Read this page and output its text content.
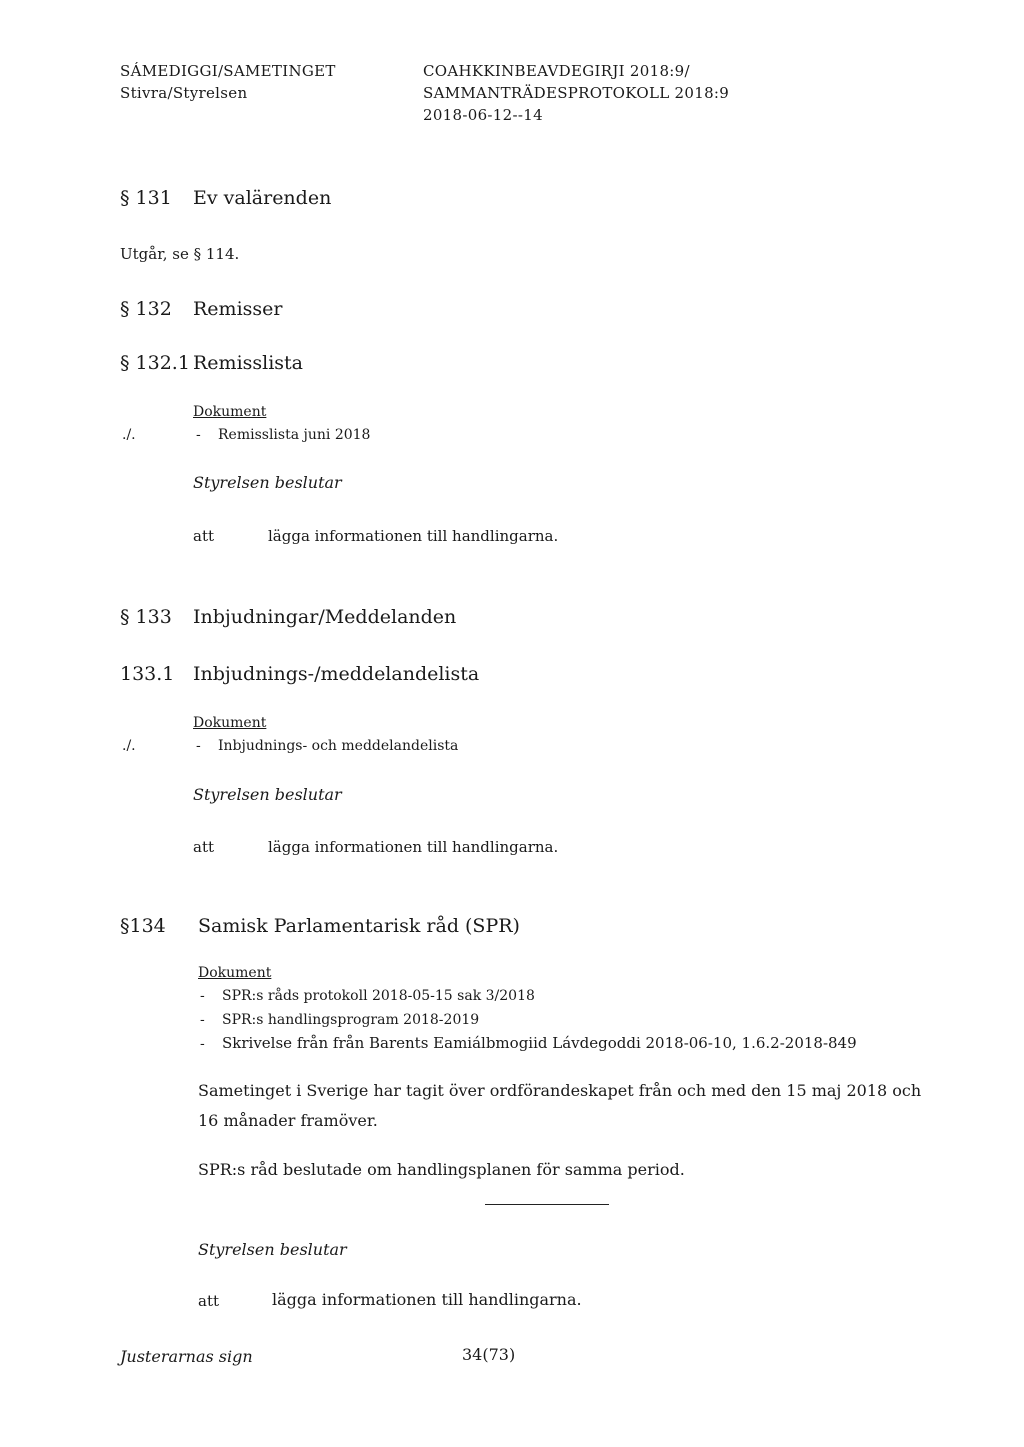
SÁMEDIGGI/SAMETINGET
Stivra/Styrelsen
COAHKKINBEAVDEGIRJI 2018:9/
SAMMANTRÄDESPROTOKOLL 2018:9
2018-06-12--14
§ 131 Ev valärenden
Utgår, se § 114.
§ 132 Remisser
§ 132.1 Remisslista
Dokument
./.	- Remisslista juni 2018
Styrelsen beslutar
att	lägga informationen till handlingarna.
§ 133 Inbjudningar/Meddelanden
133.1 Inbjudnings-/meddelandelista
Dokument
./.	- Inbjudnings- och meddelandelista
Styrelsen beslutar
att	lägga informationen till handlingarna.
§134 Samisk Parlamentarisk råd (SPR)
Dokument
- SPR:s råds protokoll 2018-05-15 sak 3/2018
- SPR:s handlingsprogram 2018-2019
- Skrivelse från från Barents Eamiálbmogiid Lávdegoddi 2018-06-10, 1.6.2-2018-849
Sametinget i Sverige har tagit över ordförandeskapet från och med den 15 maj 2018 och
16 månader framöver.
SPR:s råd beslutade om handlingsplanen för samma period.
Styrelsen beslutar
att	lägga informationen till handlingarna.
Justerarnas sign	34(73)
